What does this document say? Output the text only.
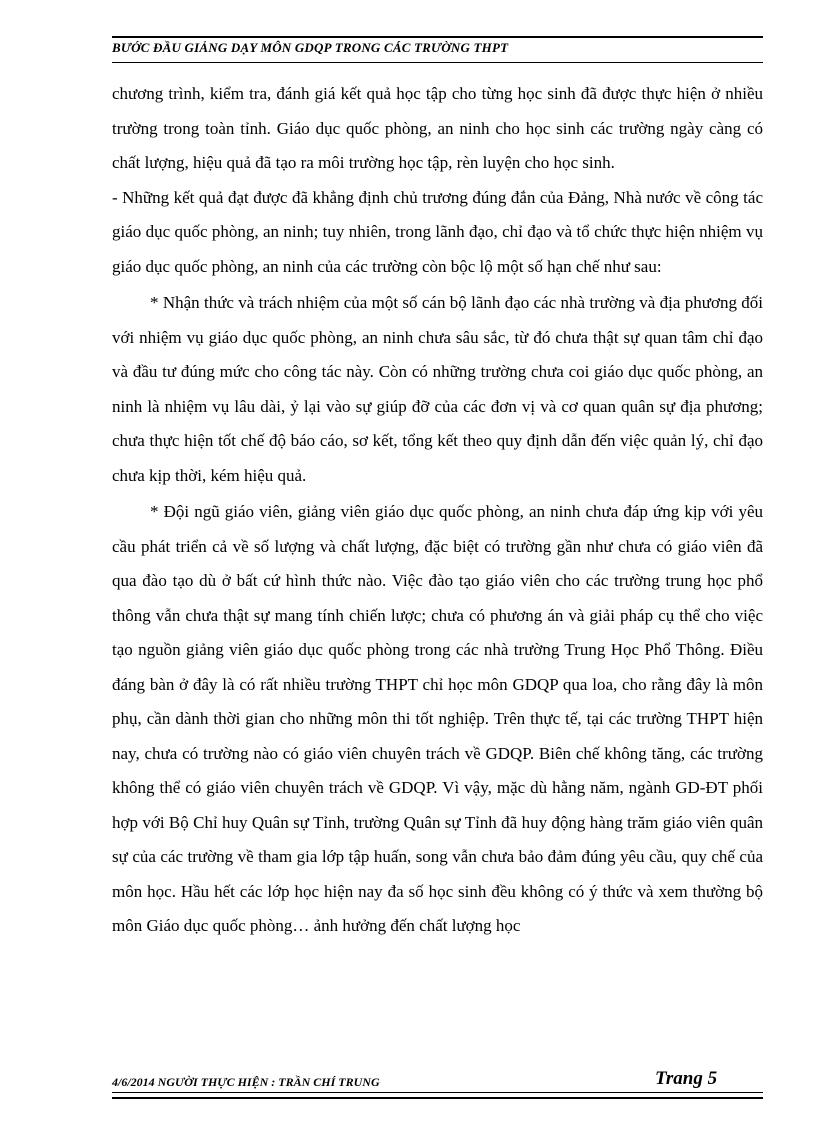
BƯỚC ĐẦU GIẢNG DẠY MÔN GDQP TRONG CÁC TRƯỜNG THPT

chương trình, kiểm tra, đánh giá kết quả học tập cho từng học sinh đã được thực hiện ở nhiều trường trong toàn tỉnh. Giáo dục quốc phòng, an ninh cho học sinh các trường ngày càng có chất lượng, hiệu quả đã tạo ra môi trường học tập, rèn luyện cho học sinh.

- Những kết quả đạt được đã khẳng định chủ trương đúng đắn của Đảng, Nhà nước về công tác giáo dục quốc phòng, an ninh; tuy nhiên, trong lãnh đạo, chỉ đạo và tổ chức thực hiện nhiệm vụ giáo dục quốc phòng, an ninh của các trường còn bộc lộ một số hạn chế như sau:

* Nhận thức và trách nhiệm của một số cán bộ lãnh đạo các nhà trường và địa phương đối với nhiệm vụ giáo dục quốc phòng, an ninh chưa sâu sắc, từ đó chưa thật sự quan tâm chỉ đạo và đầu tư đúng mức cho công tác này. Còn có những trường chưa coi giáo dục quốc phòng, an ninh là nhiệm vụ lâu dài, ỷ lại vào sự giúp đỡ của các đơn vị và cơ quan quân sự địa phương; chưa thực hiện tốt chế độ báo cáo, sơ kết, tổng kết theo quy định dẫn đến việc quản lý, chỉ đạo chưa kịp thời, kém hiệu quả.

* Đội ngũ giáo viên, giảng viên giáo dục quốc phòng, an ninh chưa đáp ứng kịp với yêu cầu phát triển cả về số lượng và chất lượng, đặc biệt có trường gần như chưa có giáo viên đã qua đào tạo dù ở bất cứ hình thức nào. Việc đào tạo giáo viên cho các trường trung học phổ thông vẫn chưa thật sự mang tính chiến lược; chưa có phương án và giải pháp cụ thể cho việc tạo nguồn giảng viên giáo dục quốc phòng trong các nhà trường Trung Học Phổ Thông. Điều đáng bàn ở đây là có rất nhiều trường THPT chỉ học môn GDQP qua loa, cho rằng đây là môn phụ, cần dành thời gian cho những môn thi tốt nghiệp. Trên thực tế, tại các trường THPT hiện nay, chưa có trường nào có giáo viên chuyên trách về GDQP. Biên chế không tăng, các trường không thể có giáo viên chuyên trách về GDQP. Vì vậy, mặc dù hằng năm, ngành GD-ĐT phối hợp với Bộ Chỉ huy Quân sự Tỉnh, trường Quân sự Tỉnh đã huy động hàng trăm giáo viên quân sự của các trường về tham gia lớp tập huấn, song vẫn chưa bảo đảm đúng yêu cầu, quy chế của môn học. Hầu hết các lớp học hiện nay đa số học sinh đều không có ý thức và xem thường bộ môn Giáo dục quốc phòng… ảnh hưởng đến chất lượng học

4/6/2014 NGƯỜI THỰC HIỆN : TRẦN CHÍ TRUNG	Trang 5
